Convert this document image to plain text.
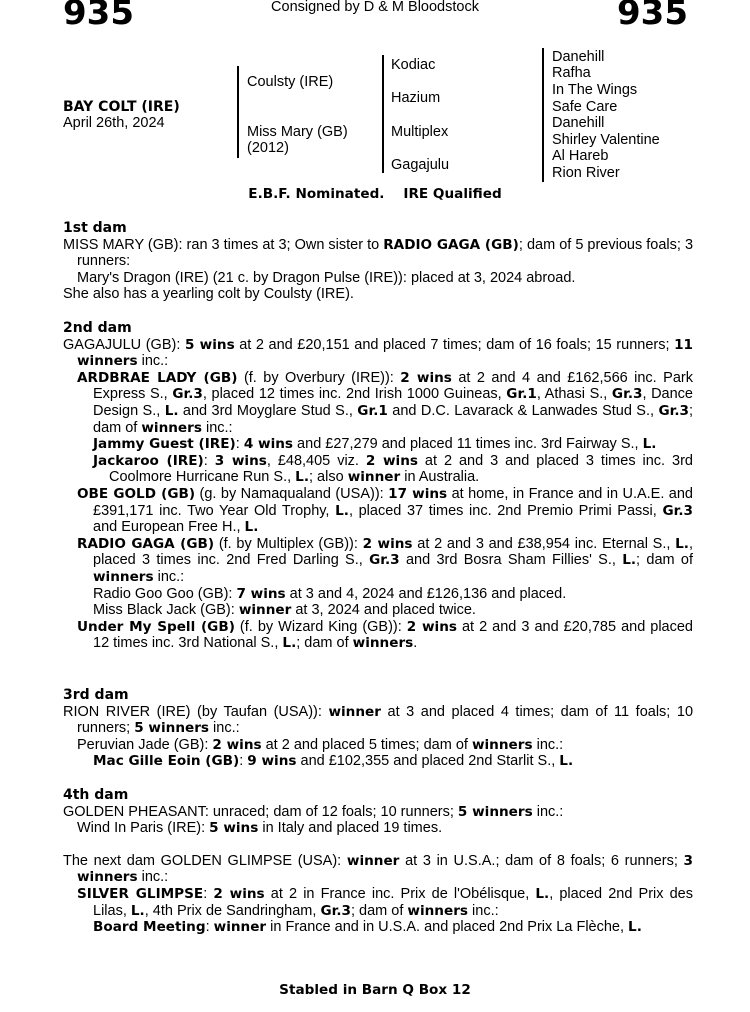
935	935
Consigned by D & M Bloodstock
BAY COLT (IRE)
April 26th, 2024
Coulsty (IRE)
Miss Mary (GB)
(2012)
Kodiac
Hazium
Multiplex
Gagajulu
Danehill
Rafha
In The Wings
Safe Care
Danehill
Shirley Valentine
Al Hareb
Rion River
E.B.F. Nominated.    IRE Qualified
1st dam
MISS MARY (GB): ran 3 times at 3; Own sister to RADIO GAGA (GB); dam of 5 previous foals; 3 runners:
Mary's Dragon (IRE) (21 c. by Dragon Pulse (IRE)): placed at 3, 2024 abroad.
She also has a yearling colt by Coulsty (IRE).
2nd dam
GAGAJULU (GB): 5 wins at 2 and £20,151 and placed 7 times; dam of 16 foals; 15 runners; 11 winners inc.:
ARDBRAE LADY (GB) (f. by Overbury (IRE)): 2 wins at 2 and 4 and £162,566 inc. Park Express S., Gr.3, placed 12 times inc. 2nd Irish 1000 Guineas, Gr.1, Athasi S., Gr.3, Dance Design S., L. and 3rd Moyglare Stud S., Gr.1 and D.C. Lavarack & Lanwades Stud S., Gr.3; dam of winners inc.:
Jammy Guest (IRE): 4 wins and £27,279 and placed 11 times inc. 3rd Fairway S., L.
Jackaroo (IRE): 3 wins, £48,405 viz. 2 wins at 2 and 3 and placed 3 times inc. 3rd Coolmore Hurricane Run S., L.; also winner in Australia.
OBE GOLD (GB) (g. by Namaqualand (USA)): 17 wins at home, in France and in U.A.E. and £391,171 inc. Two Year Old Trophy, L., placed 37 times inc. 2nd Premio Primi Passi, Gr.3 and European Free H., L.
RADIO GAGA (GB) (f. by Multiplex (GB)): 2 wins at 2 and 3 and £38,954 inc. Eternal S., L., placed 3 times inc. 2nd Fred Darling S., Gr.3 and 3rd Bosra Sham Fillies' S., L.; dam of winners inc.:
Radio Goo Goo (GB): 7 wins at 3 and 4, 2024 and £126,136 and placed.
Miss Black Jack (GB): winner at 3, 2024 and placed twice.
Under My Spell (GB) (f. by Wizard King (GB)): 2 wins at 2 and 3 and £20,785 and placed 12 times inc. 3rd National S., L.; dam of winners.
3rd dam
RION RIVER (IRE) (by Taufan (USA)): winner at 3 and placed 4 times; dam of 11 foals; 10 runners; 5 winners inc.:
Peruvian Jade (GB): 2 wins at 2 and placed 5 times; dam of winners inc.:
Mac Gille Eoin (GB): 9 wins and £102,355 and placed 2nd Starlit S., L.
4th dam
GOLDEN PHEASANT: unraced; dam of 12 foals; 10 runners; 5 winners inc.:
Wind In Paris (IRE): 5 wins in Italy and placed 19 times.
The next dam GOLDEN GLIMPSE (USA): winner at 3 in U.S.A.; dam of 8 foals; 6 runners; 3 winners inc.:
SILVER GLIMPSE: 2 wins at 2 in France inc. Prix de l'Obélisque, L., placed 2nd Prix des Lilas, L., 4th Prix de Sandringham, Gr.3; dam of winners inc.:
Board Meeting: winner in France and in U.S.A. and placed 2nd Prix La Flèche, L.
Stabled in Barn Q Box 12
